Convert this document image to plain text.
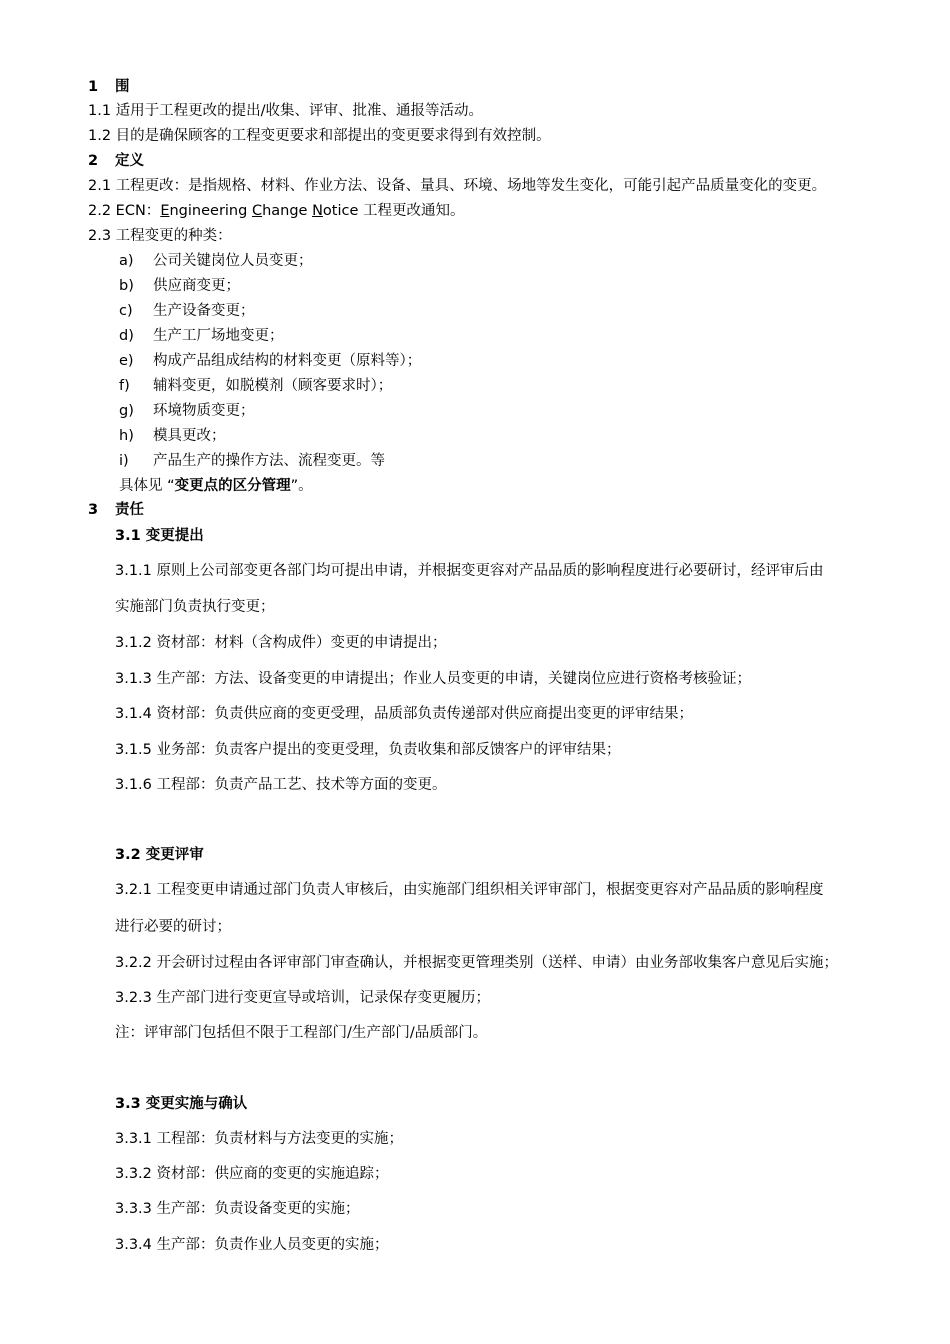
1 围
1.1 适用于工程更改的提出/收集、评审、批准、通报等活动。
1.2 目的是确保顾客的工程变更要求和部提出的变更要求得到有效控制。
2 定义
2.1 工程更改：是指规格、材料、作业方法、设备、量具、环境、场地等发生变化，可能引起产品质量变化的变更。
2.2 ECN：Engineering Change Notice 工程更改通知。
2.3 工程变更的种类：
a) 公司关键岗位人员变更；
b) 供应商变更；
c) 生产设备变更；
d) 生产工厂场地变更；
e) 构成产品组成结构的材料变更（原料等）；
f) 辅料变更，如脱模剂（顾客要求时）；
g) 环境物质变更；
h) 模具更改；
i) 产品生产的操作方法、流程变更。等
具体见 “变更点的区分管理”。
3 责任
3.1 变更提出
3.1.1 原则上公司部变更各部门均可提出申请，并根据变更容对产品品质的影响程度进行必要研讨，经评审后由
实施部门负责执行变更；
3.1.2 资材部：材料（含构成件）变更的申请提出；
3.1.3 生产部：方法、设备变更的申请提出；作业人员变更的申请，关键岗位应进行资格考核验证；
3.1.4 资材部：负责供应商的变更受理，品质部负责传递部对供应商提出变更的评审结果；
3.1.5 业务部：负责客户提出的变更受理，负责收集和部反馈客户的评审结果；
3.1.6 工程部：负责产品工艺、技术等方面的变更。
3.2 变更评审
3.2.1 工程变更申请通过部门负责人审核后，由实施部门组织相关评审部门，根据变更容对产品品质的影响程度
进行必要的研讨；
3.2.2 开会研讨过程由各评审部门审查确认，并根据变更管理类别（送样、申请）由业务部收集客户意见后实施；
3.2.3 生产部门进行变更宣导或培训，记录保存变更履历；
注：评审部门包括但不限于工程部门/生产部门/品质部门。
3.3 变更实施与确认
3.3.1 工程部：负责材料与方法变更的实施；
3.3.2 资材部：供应商的变更的实施追踪；
3.3.3 生产部：负责设备变更的实施；
3.3.4 生产部：负责作业人员变更的实施；
